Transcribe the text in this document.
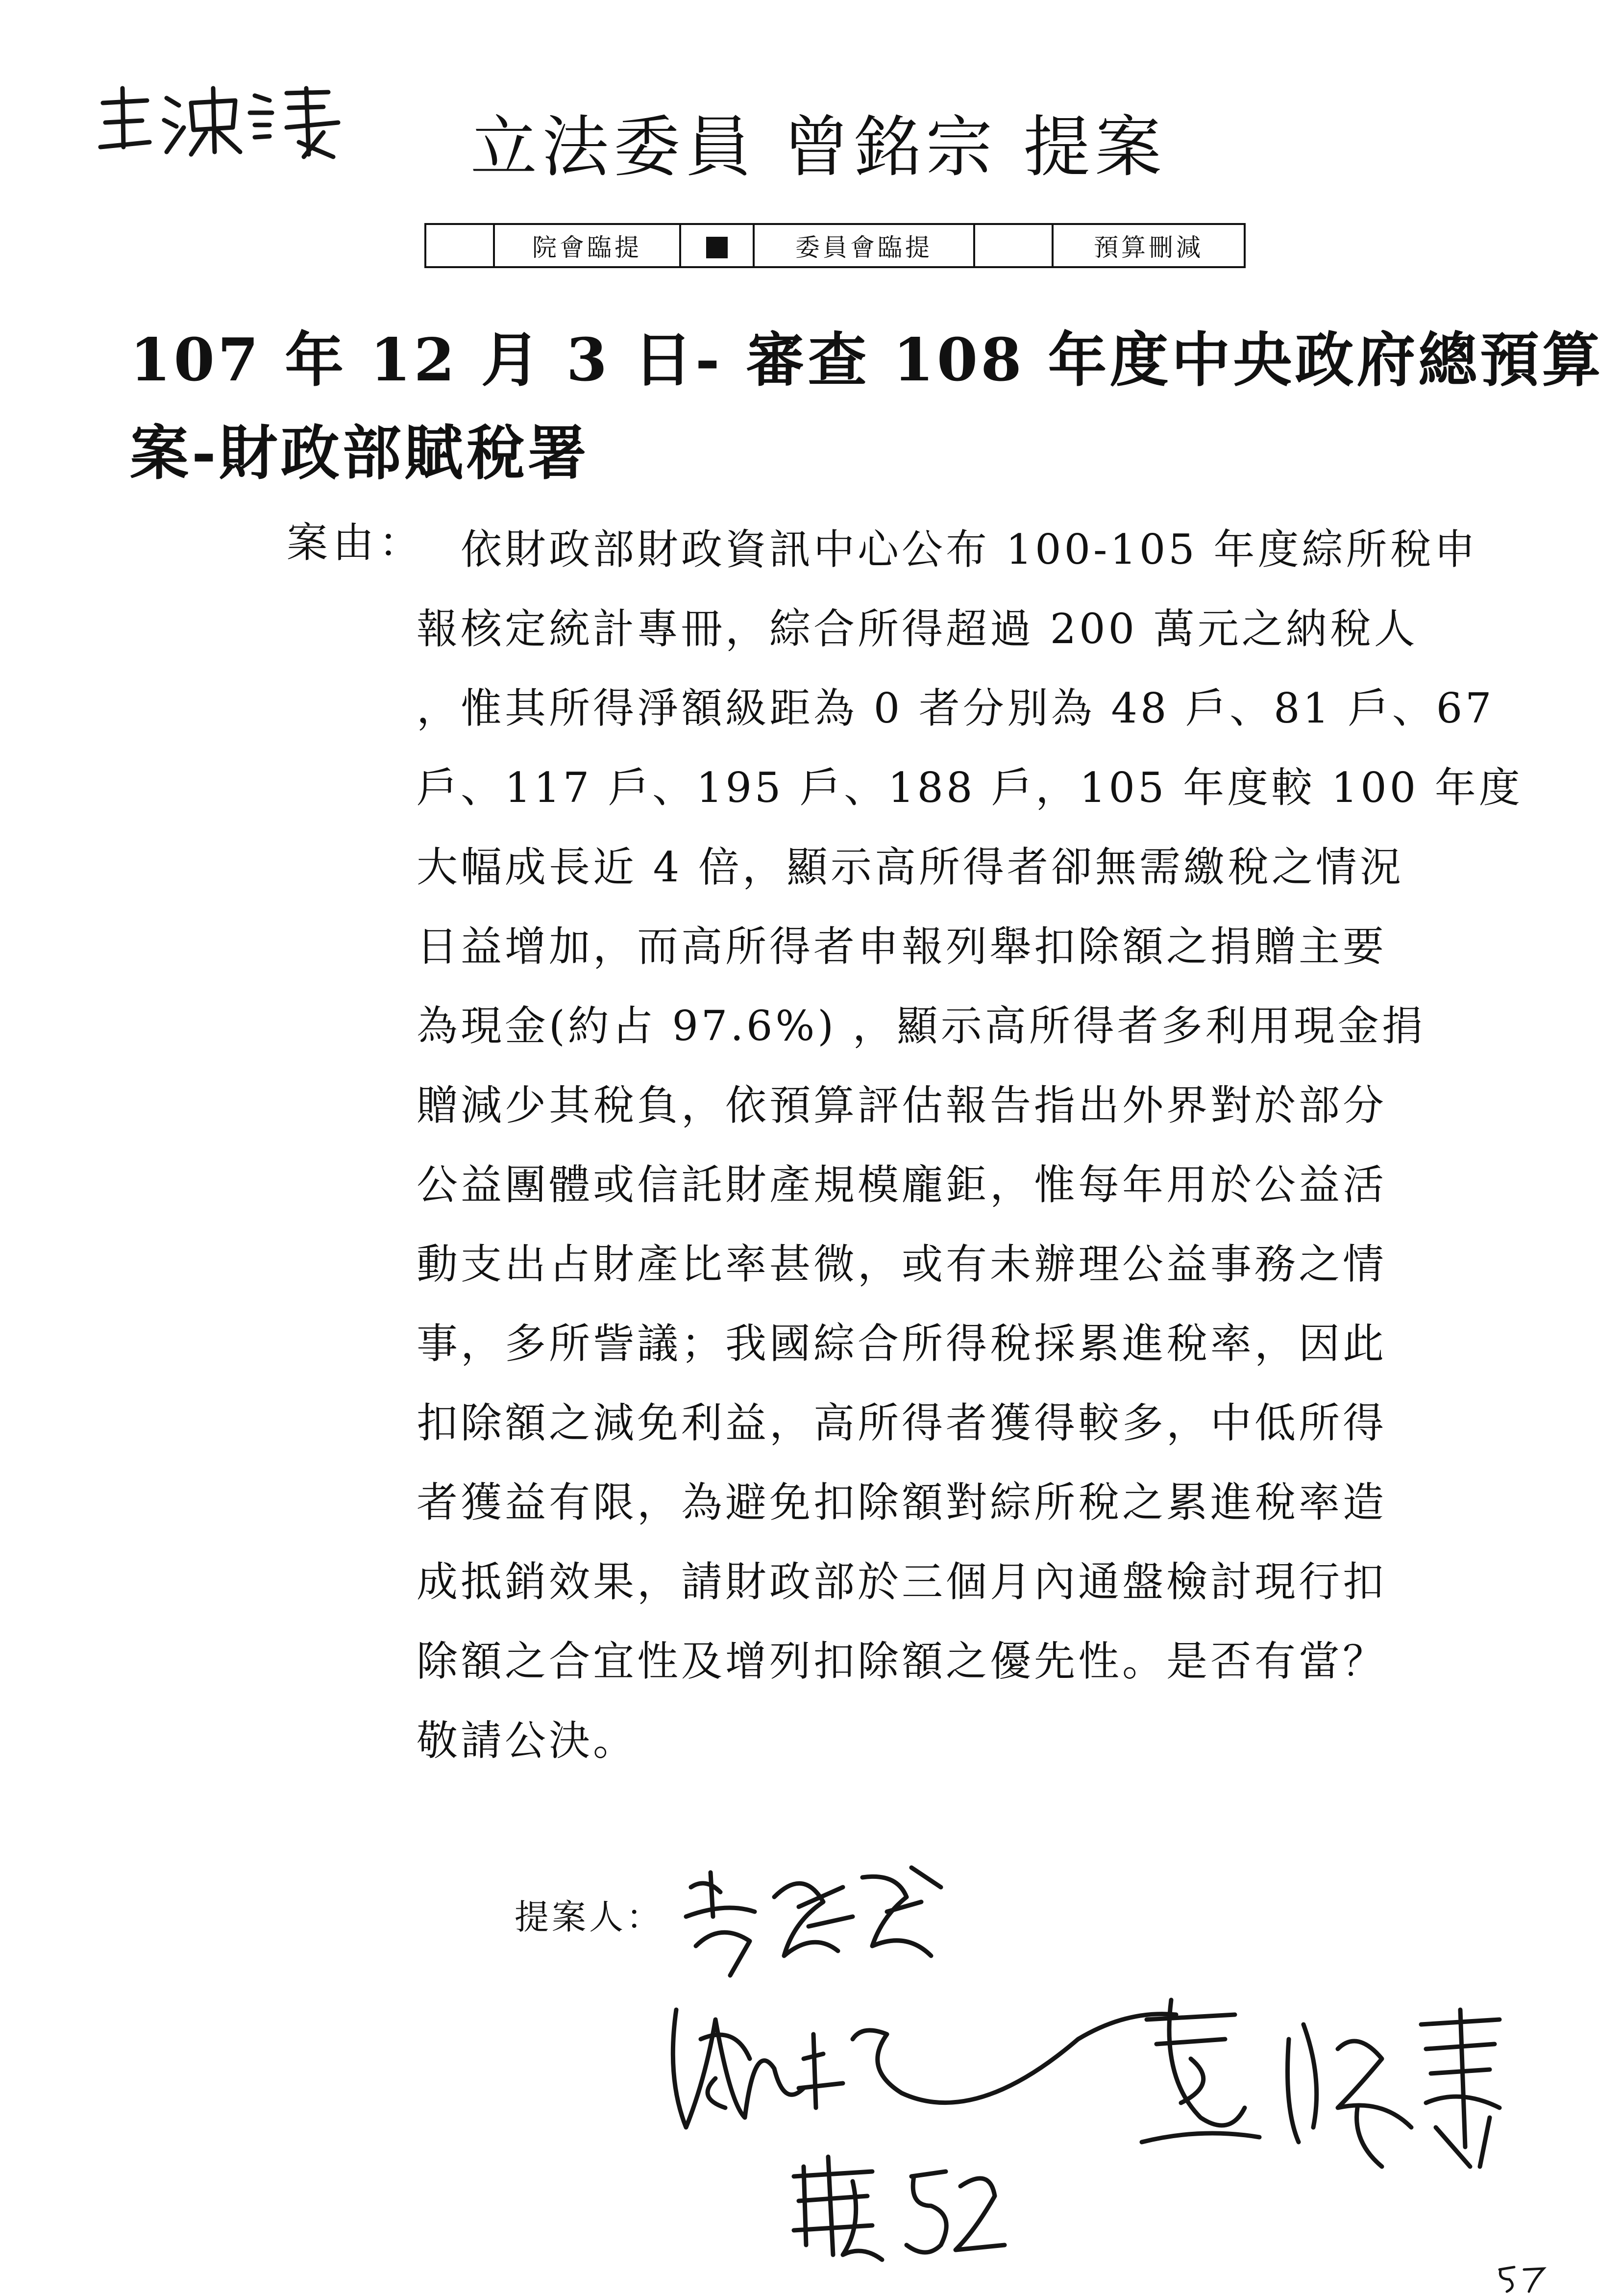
立法委員 曾銘宗 提案
	院會臨提		委員會臨提		預算刪減
107 年 12 月 3 日- 審查 108 年度中央政府總預算
案-財政部賦稅署
案由： 依財政部財政資訊中心公布 100-105 年度綜所稅申
報核定統計專冊，綜合所得超過 200 萬元之納稅人
，惟其所得淨額級距為 0 者分別為 48 戶、81 戶、67
戶、117 戶、195 戶、188 戶，105 年度較 100 年度
大幅成長近 4 倍，顯示高所得者卻無需繳稅之情況
日益增加，而高所得者申報列舉扣除額之捐贈主要
為現金(約占 97.6%) ，顯示高所得者多利用現金捐
贈減少其稅負，依預算評估報告指出外界對於部分
公益團體或信託財產規模龐鉅，惟每年用於公益活
動支出占財產比率甚微，或有未辦理公益事務之情
事，多所訾議；我國綜合所得稅採累進稅率，因此
扣除額之減免利益，高所得者獲得較多，中低所得
者獲益有限，為避免扣除額對綜所稅之累進稅率造
成抵銷效果，請財政部於三個月內通盤檢討現行扣
除額之合宜性及增列扣除額之優先性。是否有當？
敬請公決。
提案人：
